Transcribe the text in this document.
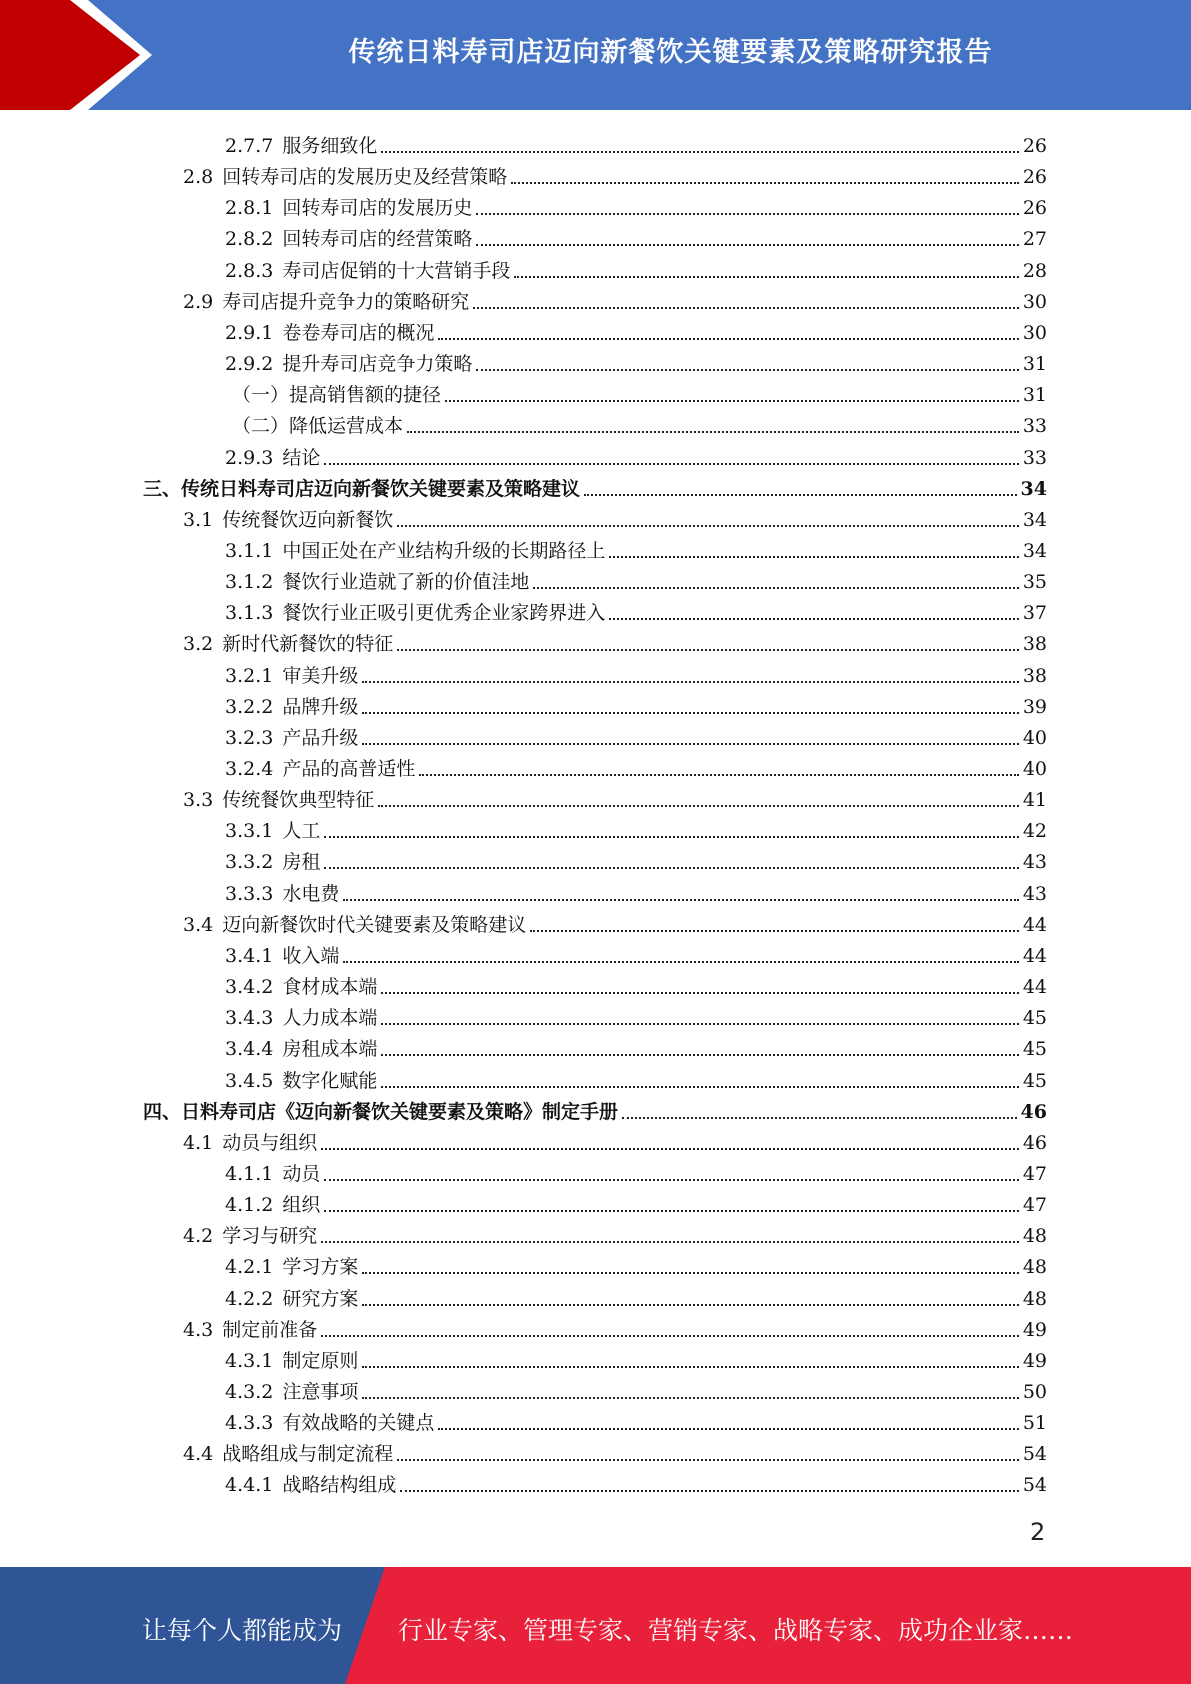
传统日料寿司店迈向新餐饮关键要素及策略研究报告
2.7.7 服务细致化	26
2.8 回转寿司店的发展历史及经营策略	26
2.8.1 回转寿司店的发展历史	26
2.8.2 回转寿司店的经营策略	27
2.8.3 寿司店促销的十大营销手段	28
2.9 寿司店提升竞争力的策略研究	30
2.9.1 卷卷寿司店的概况	30
2.9.2 提升寿司店竞争力策略	31
（一）提高销售额的捷径	31
（二）降低运营成本	33
2.9.3 结论	33
三、传统日料寿司店迈向新餐饮关键要素及策略建议	34
3.1 传统餐饮迈向新餐饮	34
3.1.1 中国正处在产业结构升级的长期路径上	34
3.1.2 餐饮行业造就了新的价值洼地	35
3.1.3 餐饮行业正吸引更优秀企业家跨界进入	37
3.2 新时代新餐饮的特征	38
3.2.1 审美升级	38
3.2.2 品牌升级	39
3.2.3 产品升级	40
3.2.4 产品的高普适性	40
3.3 传统餐饮典型特征	41
3.3.1 人工	42
3.3.2 房租	43
3.3.3 水电费	43
3.4 迈向新餐饮时代关键要素及策略建议	44
3.4.1 收入端	44
3.4.2 食材成本端	44
3.4.3 人力成本端	45
3.4.4 房租成本端	45
3.4.5 数字化赋能	45
四、日料寿司店《迈向新餐饮关键要素及策略》制定手册	46
4.1 动员与组织	46
4.1.1 动员	47
4.1.2 组织	47
4.2 学习与研究	48
4.2.1 学习方案	48
4.2.2 研究方案	48
4.3 制定前准备	49
4.3.1 制定原则	49
4.3.2 注意事项	50
4.3.3 有效战略的关键点	51
4.4 战略组成与制定流程	54
4.4.1 战略结构组成	54
2
让每个人都能成为 行业专家、管理专家、营销专家、战略专家、成功企业家……
